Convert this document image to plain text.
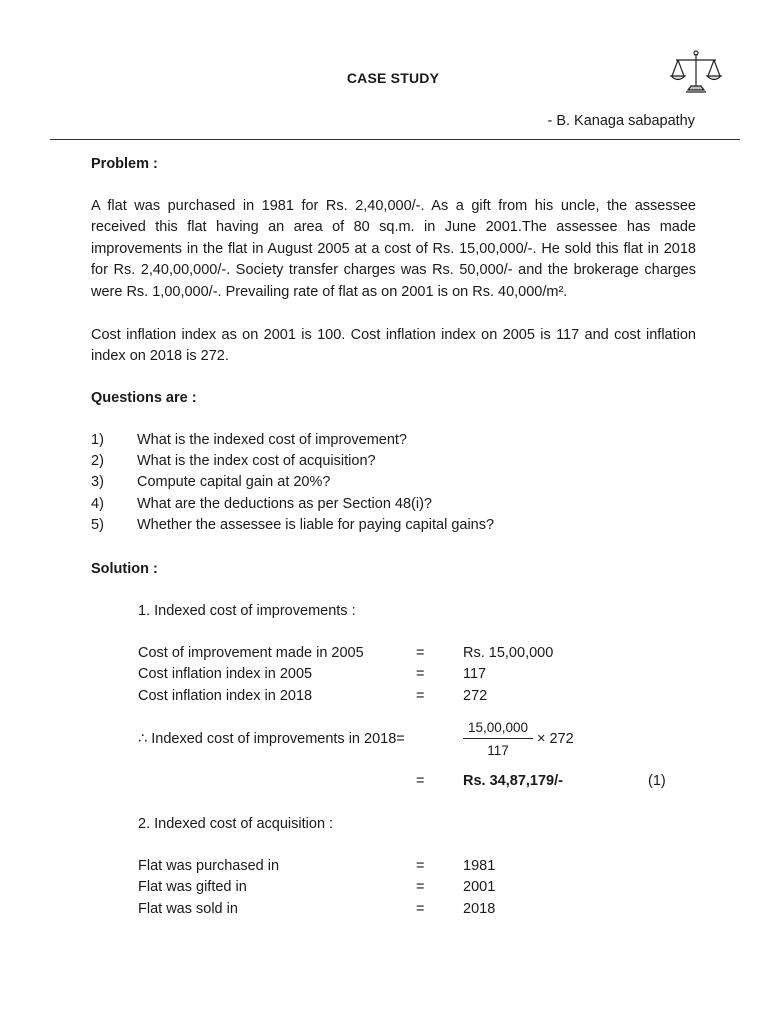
CASE STUDY
- B. Kanaga sabapathy
Problem :
A flat was purchased in 1981 for Rs. 2,40,000/-. As a gift from his uncle, the assessee received this flat having an area of 80 sq.m. in June 2001.The assessee has made improvements in the flat in August 2005 at a cost of Rs. 15,00,000/-. He sold this flat in 2018 for Rs. 2,40,00,000/-. Society transfer charges was Rs. 50,000/- and the brokerage charges were Rs. 1,00,000/-. Prevailing rate of flat as on 2001 is on Rs. 40,000/m².
Cost inflation index as on 2001 is 100. Cost inflation index on 2005 is 117 and cost inflation index on 2018 is 272.
Questions are :
1) What is the indexed cost of improvement?
2) What is the index cost of acquisition?
3) Compute capital gain at 20%?
4) What are the deductions as per Section 48(i)?
5) Whether the assessee is liable for paying capital gains?
Solution :
1. Indexed cost of improvements :
Cost of improvement made in 2005	=	Rs. 15,00,000
Cost inflation index in 2005	=	117
Cost inflation index in 2018	=	272
∴ Indexed cost of improvements in 2018=	$\frac{15,00,000}{117} \times 272$
=	Rs. 34,87,179/-	(1)
2. Indexed cost of acquisition :
Flat was purchased in	=	1981
Flat was gifted in	=	2001
Flat was sold in	=	2018
